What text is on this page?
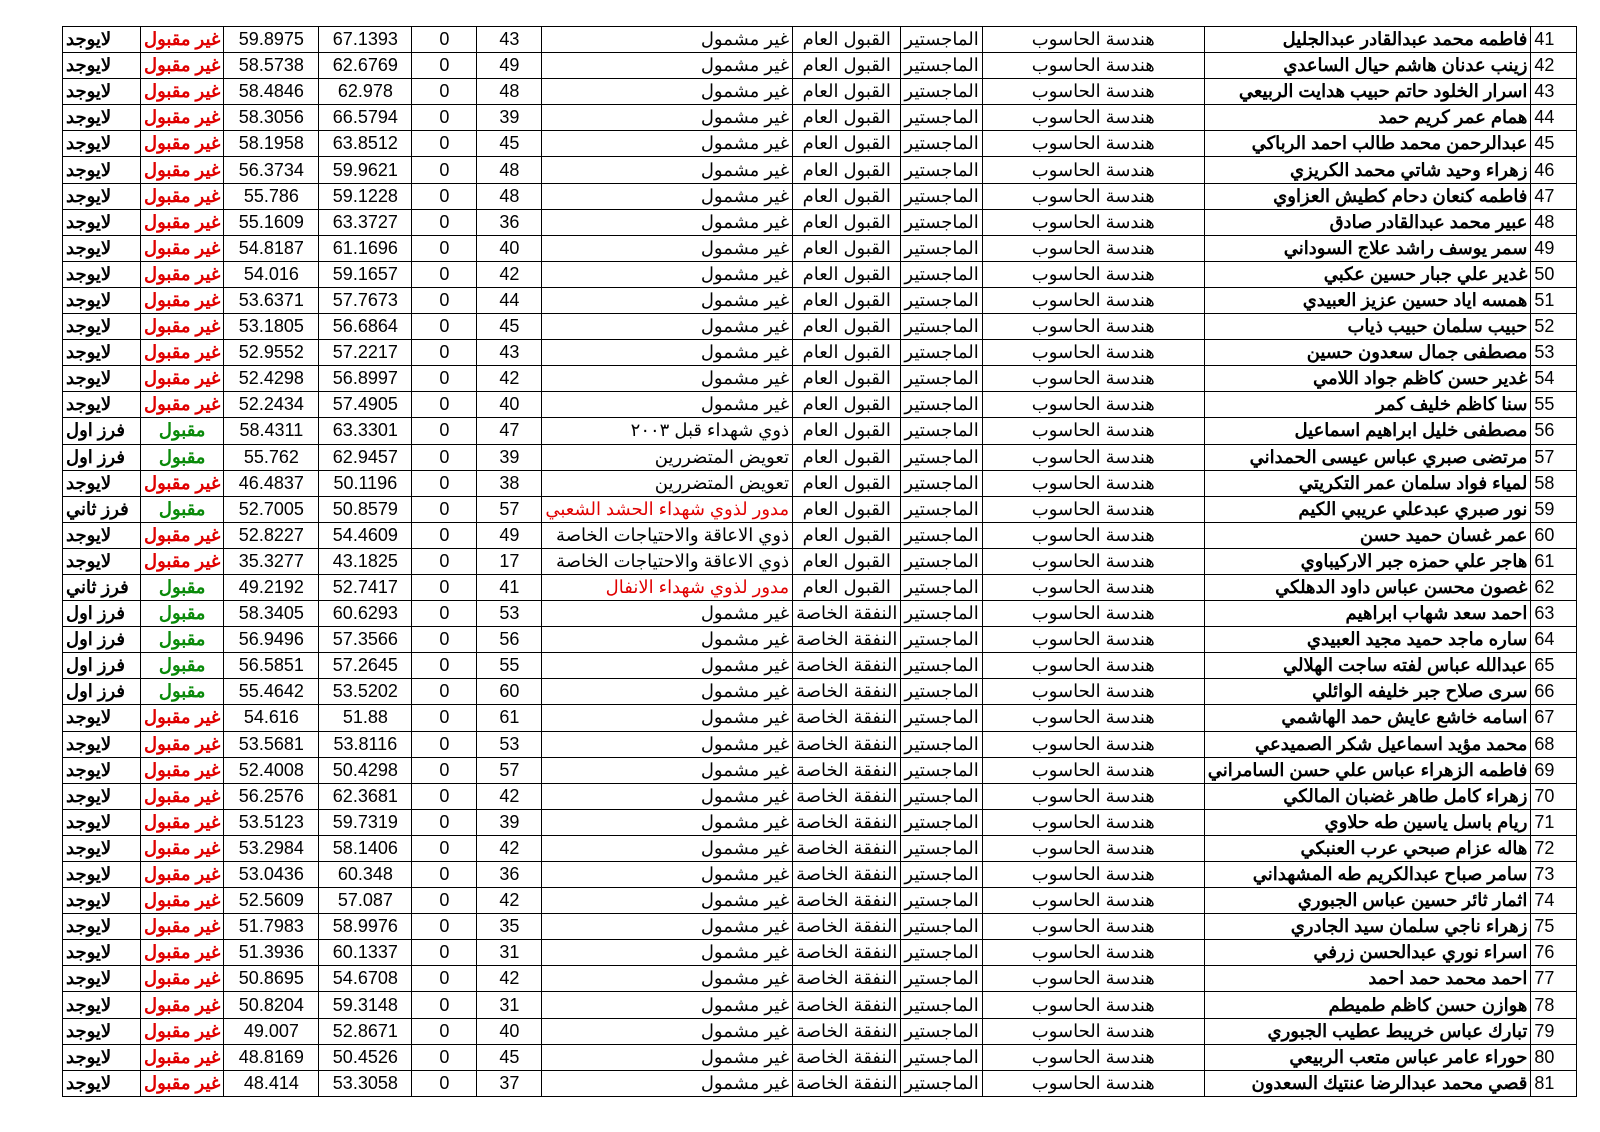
لايوجد	غير مقبول	59.8975	67.1393	0	43	غير مشمول	القبول العام	الماجستير	هندسة الحاسوب	فاطمه محمد عبدالقادر عبدالجليل	41
لايوجد	غير مقبول	58.5738	62.6769	0	49	غير مشمول	القبول العام	الماجستير	هندسة الحاسوب	زينب عدنان هاشم حيال الساعدي	42
لايوجد	غير مقبول	58.4846	62.978	0	48	غير مشمول	القبول العام	الماجستير	هندسة الحاسوب	اسرار الخلود حاتم حبيب هدايت الربيعي	43
لايوجد	غير مقبول	58.3056	66.5794	0	39	غير مشمول	القبول العام	الماجستير	هندسة الحاسوب	همام عمر كريم حمد	44
لايوجد	غير مقبول	58.1958	63.8512	0	45	غير مشمول	القبول العام	الماجستير	هندسة الحاسوب	عبدالرحمن محمد طالب احمد الرباكي	45
لايوجد	غير مقبول	56.3734	59.9621	0	48	غير مشمول	القبول العام	الماجستير	هندسة الحاسوب	زهراء وحيد شاتي محمد الكريزي	46
لايوجد	غير مقبول	55.786	59.1228	0	48	غير مشمول	القبول العام	الماجستير	هندسة الحاسوب	فاطمه كنعان دحام كطيش العزاوي	47
لايوجد	غير مقبول	55.1609	63.3727	0	36	غير مشمول	القبول العام	الماجستير	هندسة الحاسوب	عبير محمد عبدالقادر صادق	48
لايوجد	غير مقبول	54.8187	61.1696	0	40	غير مشمول	القبول العام	الماجستير	هندسة الحاسوب	سمر يوسف راشد علاج السوداني	49
لايوجد	غير مقبول	54.016	59.1657	0	42	غير مشمول	القبول العام	الماجستير	هندسة الحاسوب	غدير علي جبار حسين عكبي	50
لايوجد	غير مقبول	53.6371	57.7673	0	44	غير مشمول	القبول العام	الماجستير	هندسة الحاسوب	همسه اياد حسين عزيز العبيدي	51
لايوجد	غير مقبول	53.1805	56.6864	0	45	غير مشمول	القبول العام	الماجستير	هندسة الحاسوب	حبيب سلمان حبيب ذياب	52
لايوجد	غير مقبول	52.9552	57.2217	0	43	غير مشمول	القبول العام	الماجستير	هندسة الحاسوب	مصطفى جمال سعدون حسين	53
لايوجد	غير مقبول	52.4298	56.8997	0	42	غير مشمول	القبول العام	الماجستير	هندسة الحاسوب	غدير حسن كاظم جواد اللامي	54
لايوجد	غير مقبول	52.2434	57.4905	0	40	غير مشمول	القبول العام	الماجستير	هندسة الحاسوب	سنا كاظم خليف كمر	55
فرز اول	مقبول	58.4311	63.3301	0	47	ذوي شهداء قبل ٢٠٠٣	القبول العام	الماجستير	هندسة الحاسوب	مصطفى خليل ابراهيم اسماعيل	56
فرز اول	مقبول	55.762	62.9457	0	39	تعويض المتضررين	القبول العام	الماجستير	هندسة الحاسوب	مرتضى صبري عباس عيسى الحمداني	57
لايوجد	غير مقبول	46.4837	50.1196	0	38	تعويض المتضررين	القبول العام	الماجستير	هندسة الحاسوب	لمياء فواد سلمان عمر التكريتي	58
فرز ثاني	مقبول	52.7005	50.8579	0	57	مدور لذوي شهداء الحشد الشعبي	القبول العام	الماجستير	هندسة الحاسوب	نور صبري عبدعلي عريبي الكيم	59
لايوجد	غير مقبول	52.8227	54.4609	0	49	ذوي الاعاقة والاحتياجات الخاصة	القبول العام	الماجستير	هندسة الحاسوب	عمر غسان حميد حسن	60
لايوجد	غير مقبول	35.3277	43.1825	0	17	ذوي الاعاقة والاحتياجات الخاصة	القبول العام	الماجستير	هندسة الحاسوب	هاجر علي حمزه جبر الاركيباوي	61
فرز ثاني	مقبول	49.2192	52.7417	0	41	مدور لذوي شهداء الانفال	القبول العام	الماجستير	هندسة الحاسوب	غصون محسن عباس داود الدهلكي	62
فرز اول	مقبول	58.3405	60.6293	0	53	غير مشمول	النفقة الخاصة	الماجستير	هندسة الحاسوب	احمد سعد شهاب ابراهيم	63
فرز اول	مقبول	56.9496	57.3566	0	56	غير مشمول	النفقة الخاصة	الماجستير	هندسة الحاسوب	ساره ماجد حميد مجيد العبيدي	64
فرز اول	مقبول	56.5851	57.2645	0	55	غير مشمول	النفقة الخاصة	الماجستير	هندسة الحاسوب	عبدالله عباس لفته ساجت الهلالي	65
فرز اول	مقبول	55.4642	53.5202	0	60	غير مشمول	النفقة الخاصة	الماجستير	هندسة الحاسوب	سرى صلاح جبر خليفه الوائلي	66
لايوجد	غير مقبول	54.616	51.88	0	61	غير مشمول	النفقة الخاصة	الماجستير	هندسة الحاسوب	اسامه خاشع عايش حمد الهاشمي	67
لايوجد	غير مقبول	53.5681	53.8116	0	53	غير مشمول	النفقة الخاصة	الماجستير	هندسة الحاسوب	محمد مؤيد اسماعيل شكر الصميدعي	68
لايوجد	غير مقبول	52.4008	50.4298	0	57	غير مشمول	النفقة الخاصة	الماجستير	هندسة الحاسوب	فاطمه الزهراء عباس علي حسن السامراني	69
لايوجد	غير مقبول	56.2576	62.3681	0	42	غير مشمول	النفقة الخاصة	الماجستير	هندسة الحاسوب	زهراء كامل طاهر غضبان المالكي	70
لايوجد	غير مقبول	53.5123	59.7319	0	39	غير مشمول	النفقة الخاصة	الماجستير	هندسة الحاسوب	ريام باسل ياسين طه حلاوي	71
لايوجد	غير مقبول	53.2984	58.1406	0	42	غير مشمول	النفقة الخاصة	الماجستير	هندسة الحاسوب	هاله عزام صبحي عرب العنبكي	72
لايوجد	غير مقبول	53.0436	60.348	0	36	غير مشمول	النفقة الخاصة	الماجستير	هندسة الحاسوب	سامر صباح عبدالكريم طه المشهداني	73
لايوجد	غير مقبول	52.5609	57.087	0	42	غير مشمول	النفقة الخاصة	الماجستير	هندسة الحاسوب	اثمار ثائر حسين عباس الجبوري	74
لايوجد	غير مقبول	51.7983	58.9976	0	35	غير مشمول	النفقة الخاصة	الماجستير	هندسة الحاسوب	زهراء ناجي سلمان سيد الجادري	75
لايوجد	غير مقبول	51.3936	60.1337	0	31	غير مشمول	النفقة الخاصة	الماجستير	هندسة الحاسوب	اسراء نوري عبدالحسن زرفي	76
لايوجد	غير مقبول	50.8695	54.6708	0	42	غير مشمول	النفقة الخاصة	الماجستير	هندسة الحاسوب	احمد محمد حمد احمد	77
لايوجد	غير مقبول	50.8204	59.3148	0	31	غير مشمول	النفقة الخاصة	الماجستير	هندسة الحاسوب	هوازن حسن كاظم طميطم	78
لايوجد	غير مقبول	49.007	52.8671	0	40	غير مشمول	النفقة الخاصة	الماجستير	هندسة الحاسوب	تبارك عباس خريبط عطيب الجبوري	79
لايوجد	غير مقبول	48.8169	50.4526	0	45	غير مشمول	النفقة الخاصة	الماجستير	هندسة الحاسوب	حوراء عامر عباس متعب الربيعي	80
لايوجد	غير مقبول	48.414	53.3058	0	37	غير مشمول	النفقة الخاصة	الماجستير	هندسة الحاسوب	قصي محمد عبدالرضا عنتيك السعدون	81
